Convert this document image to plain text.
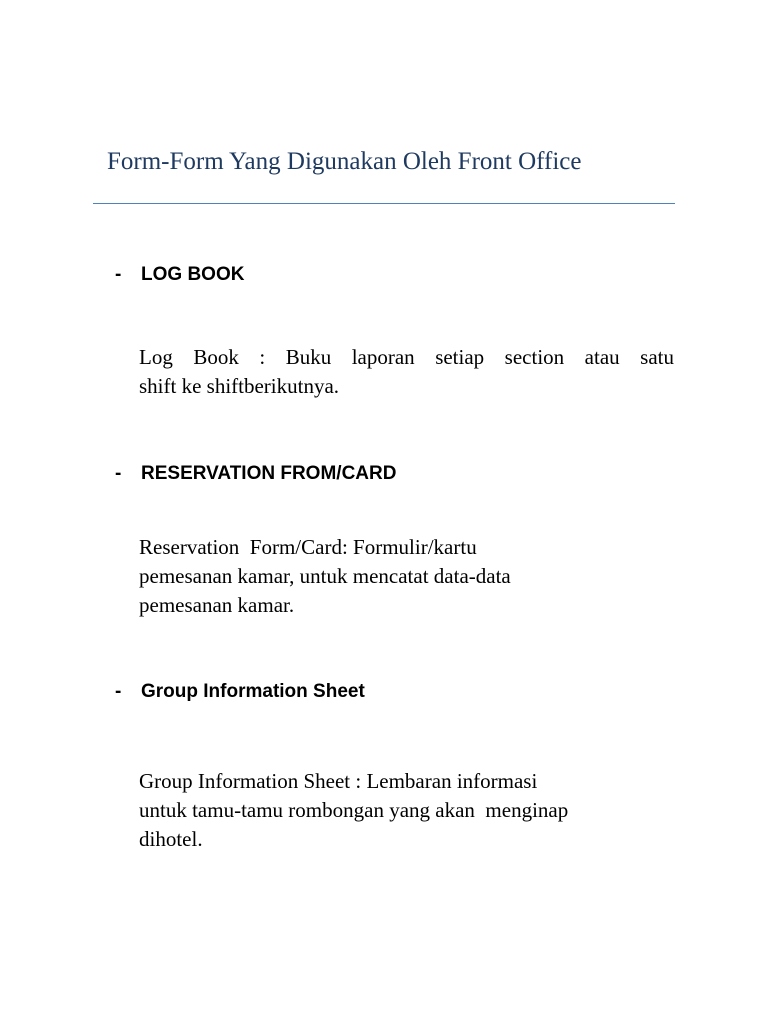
Form-Form Yang Digunakan Oleh Front Office
- LOG BOOK
Log Book : Buku laporan setiap section atau satu
shift ke shiftberikutnya.
- RESERVATION FROM/CARD
Reservation  Form/Card: Formulir/kartu
pemesanan kamar, untuk mencatat data-data
pemesanan kamar.
- Group Information Sheet
Group Information Sheet : Lembaran informasi
untuk tamu-tamu rombongan yang akan  menginap
dihotel.
